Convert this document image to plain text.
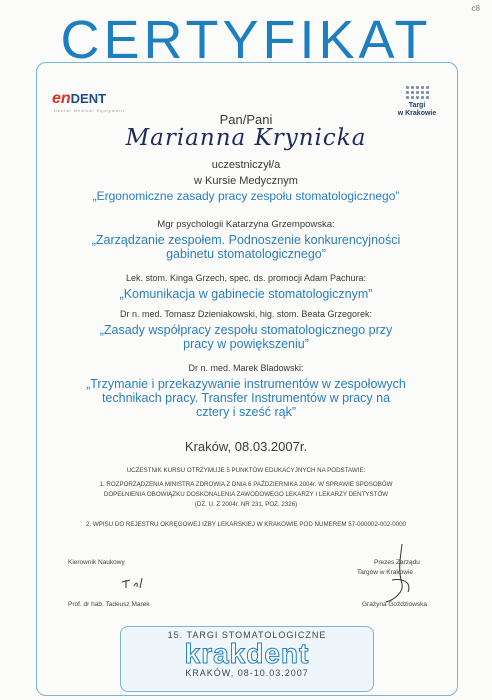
c8
CERTYFIKAT
enDENT
Dental Medical Equipment
Targi
w Krakowie
Pan/Pani
Marianna Krynicka
uczestniczył/a
w Kursie Medycznym
„Ergonomiczne zasady pracy zespołu stomatologicznego”
Mgr psychologii Katarzyna Grzempowska:
„Zarządzanie zespołem. Podnoszenie konkurencyjności
gabinetu stomatologicznego”
Lek. stom. Kinga Grzech, spec. ds. promocji Adam Pachura:
„Komunikacja w gabinecie stomatologicznym”
Dr n. med. Tomasz Dzieniakowski, hig. stom. Beata Grzegorek:
„Zasady współpracy zespołu stomatologicznego przy
pracy w powiększeniu”
Dr n. med. Marek Bladowski:
„Trzymanie i przekazywanie instrumentów w zespołowych
technikach pracy. Transfer Instrumentów w pracy na
cztery i sześć rąk”
Kraków, 08.03.2007r.
UCZESTNIK KURSU OTRZYMUJE 5 PUNKTÓW EDUKACYJNYCH NA PODSTAWIE:
1. ROZPORZĄDZENIA MINISTRA ZDROWIA Z DNIA 6 PAŹDZIERNIKA 2004r. W SPRAWIE SPOSOBÓW
DOPEŁNIENIA OBOWIĄZKU DOSKONALENIA ZAWODOWEGO LEKARZY I LEKARZY DENTYSTÓW
(DZ. U. Z 2004r. NR 231, POZ. 2326)
2. WPISU DO REJESTRU OKRĘGOWEJ IZBY LEKARSKIEJ W KRAKOWIE POD NUMEREM 57-000002-002-0000
Kierownik Naukowy
Prof. dr hab. Tadeusz Marek
Prezes Zarządu
Targów w Krakowie
Grażyna Goździowska
15. TARGI STOMATOLOGICZNE
krakdent
KRAKÓW, 08-10.03.2007
